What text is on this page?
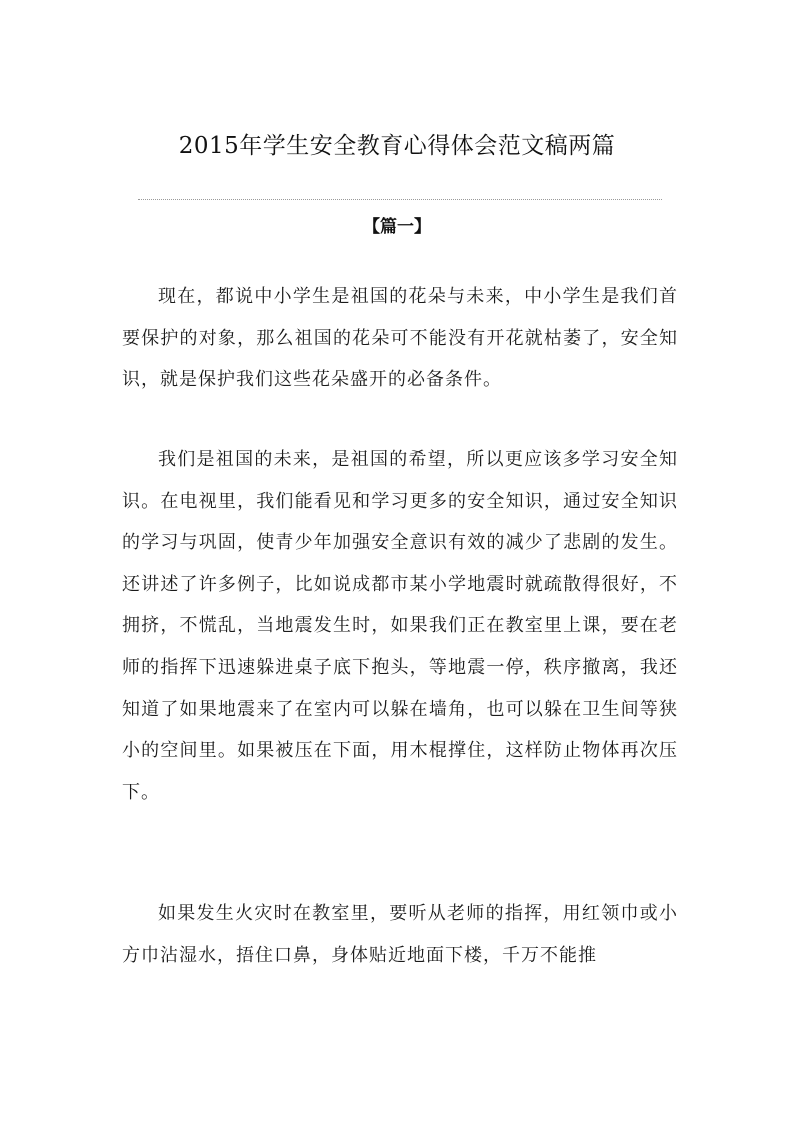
2015年学生安全教育心得体会范文稿两篇
【篇一】

现在，都说中小学生是祖国的花朵与未来，中小学生是我们首要保护的对象，那么祖国的花朵可不能没有开花就枯萎了，安全知识，就是保护我们这些花朵盛开的必备条件。

我们是祖国的未来，是祖国的希望，所以更应该多学习安全知识。在电视里，我们能看见和学习更多的安全知识，通过安全知识的学习与巩固，使青少年加强安全意识有效的减少了悲剧的发生。还讲述了许多例子，比如说成都市某小学地震时就疏散得很好，不拥挤，不慌乱，当地震发生时，如果我们正在教室里上课，要在老师的指挥下迅速躲进桌子底下抱头，等地震一停，秩序撤离，我还知道了如果地震来了在室内可以躲在墙角，也可以躲在卫生间等狭小的空间里。如果被压在下面，用木棍撑住，这样防止物体再次压下。

如果发生火灾时在教室里，要听从老师的指挥，用红领巾或小方巾沾湿水，捂住口鼻，身体贴近地面下楼，千万不能推
